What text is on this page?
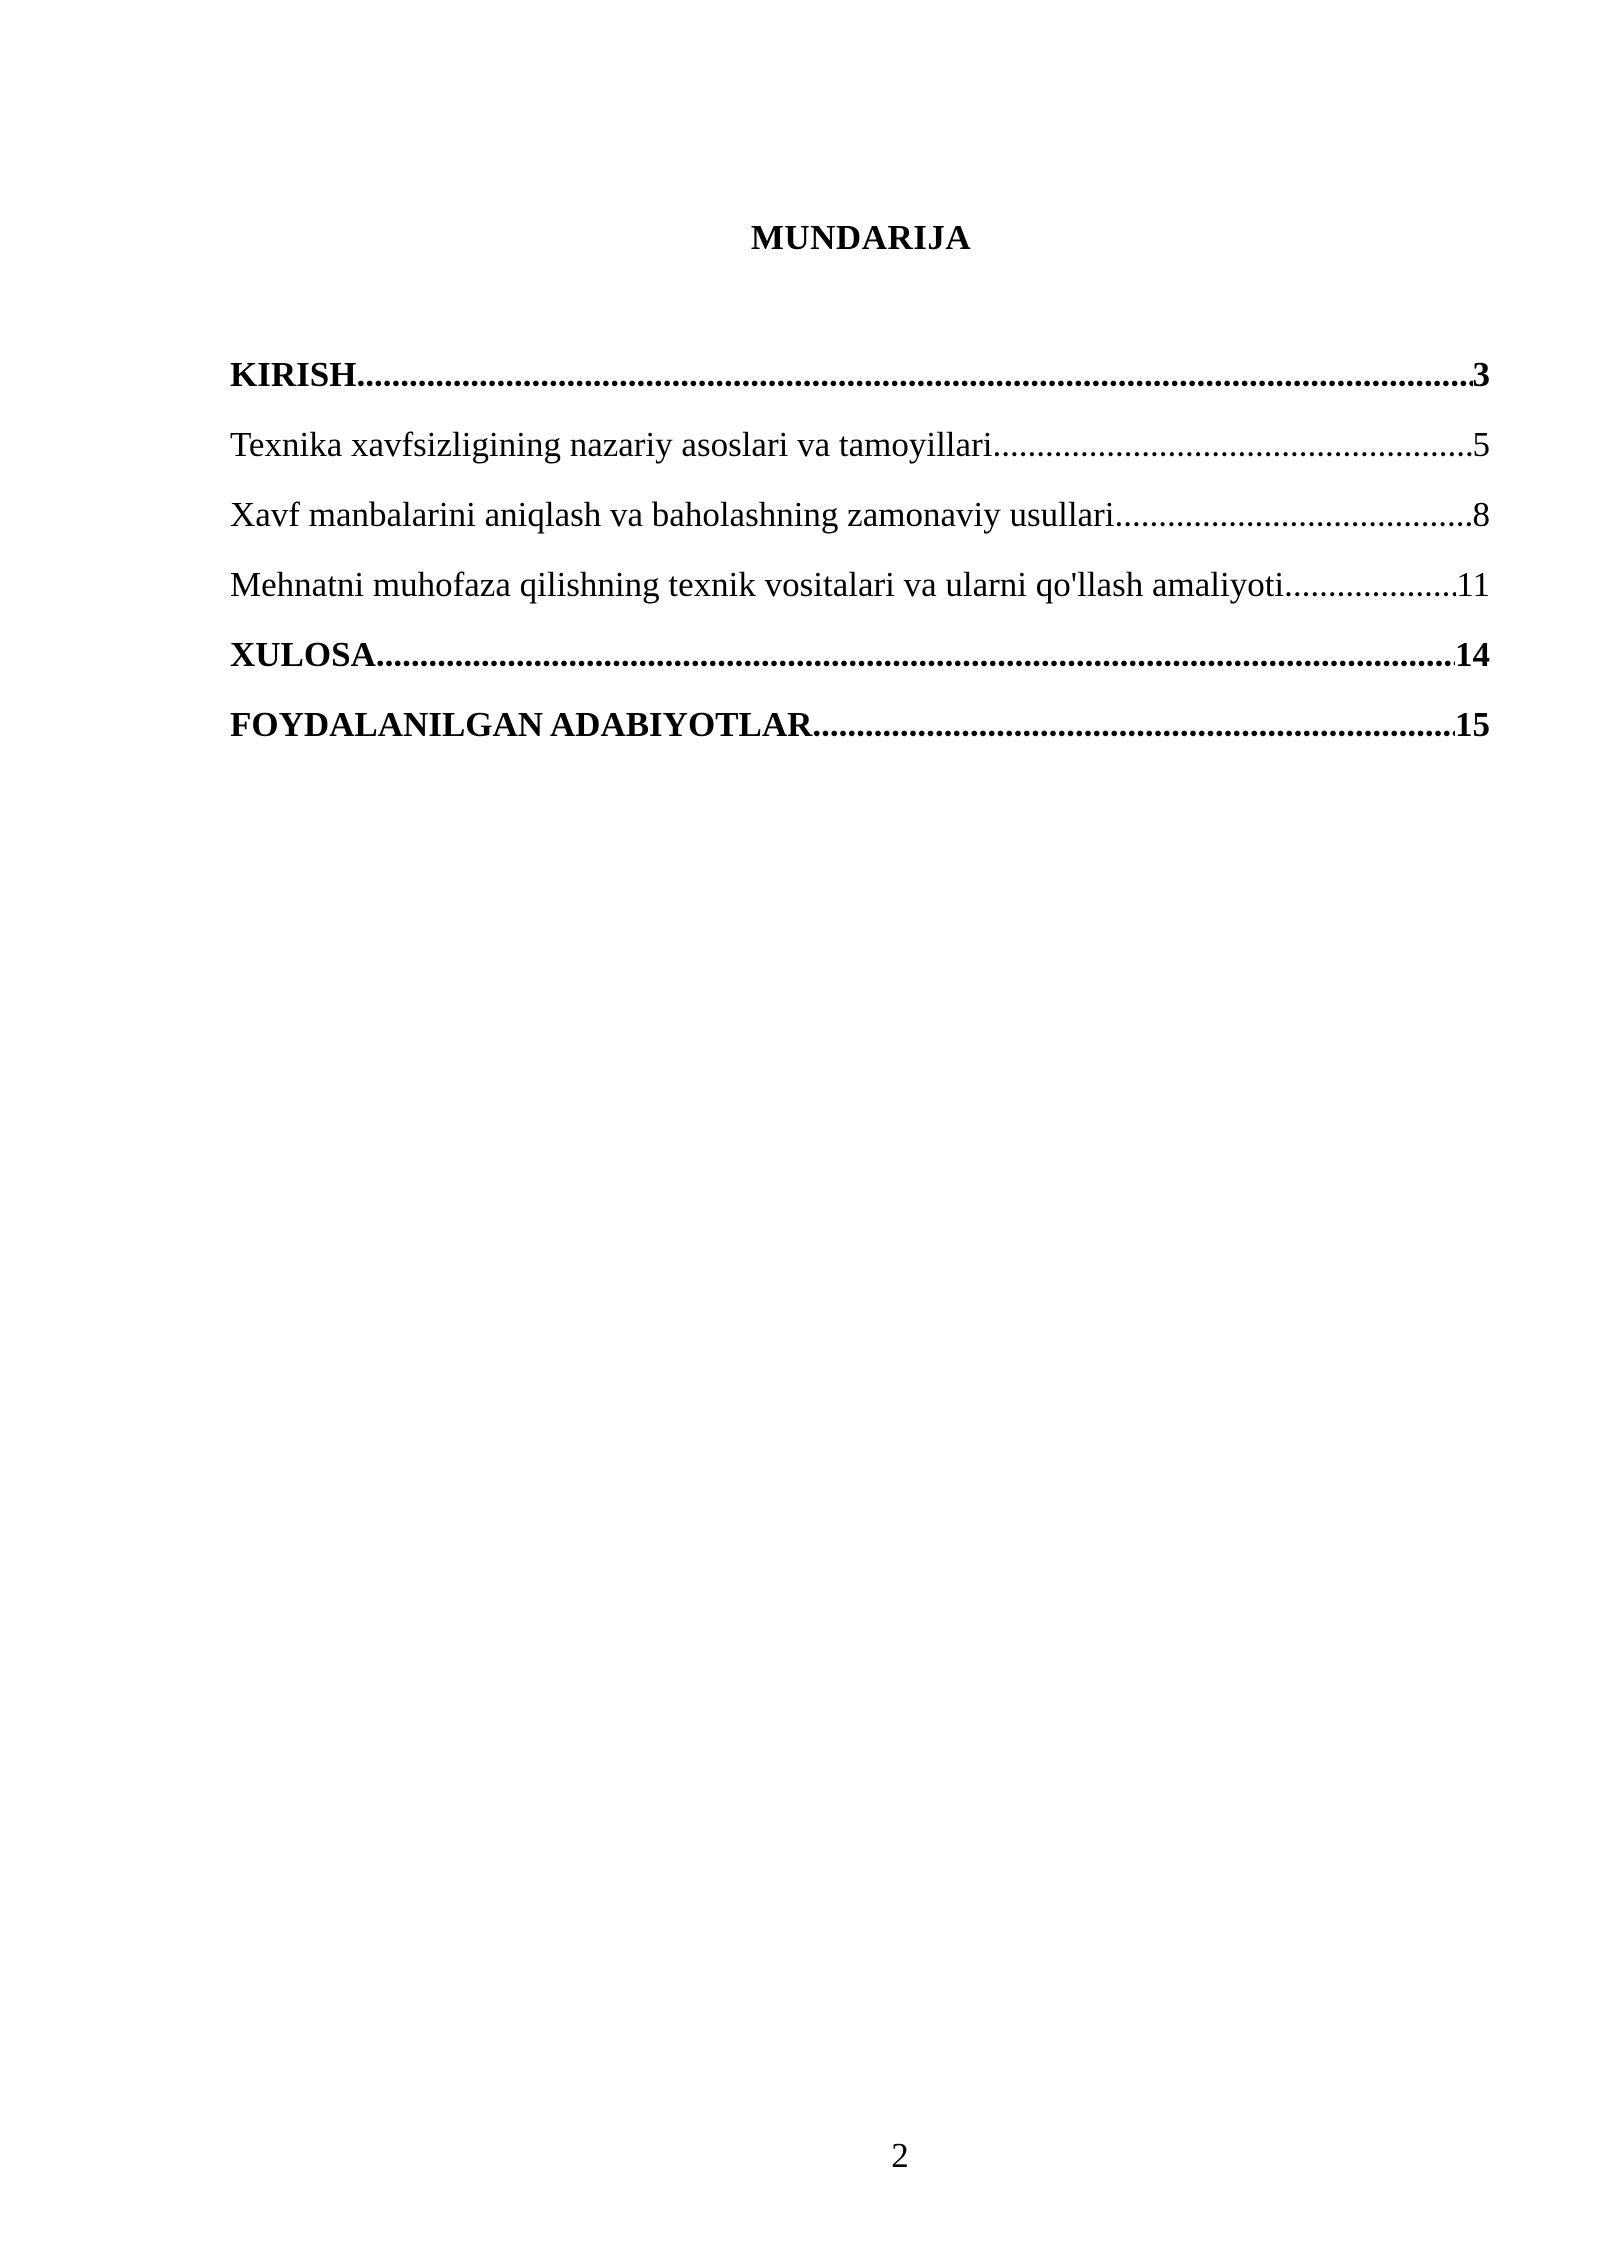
MUNDARIJA
KIRISH .....	3
Texnika xavfsizligining nazariy asoslari va tamoyillari .....	5
Xavf manbalarini aniqlash va baholashning zamonaviy usullari .....	8
Mehnatni muhofaza qilishning texnik vositalari va ularni qo'llash amaliyoti .....	11
XULOSA .....	14
FOYDALANILGAN ADABIYOTLAR .....	15
2
